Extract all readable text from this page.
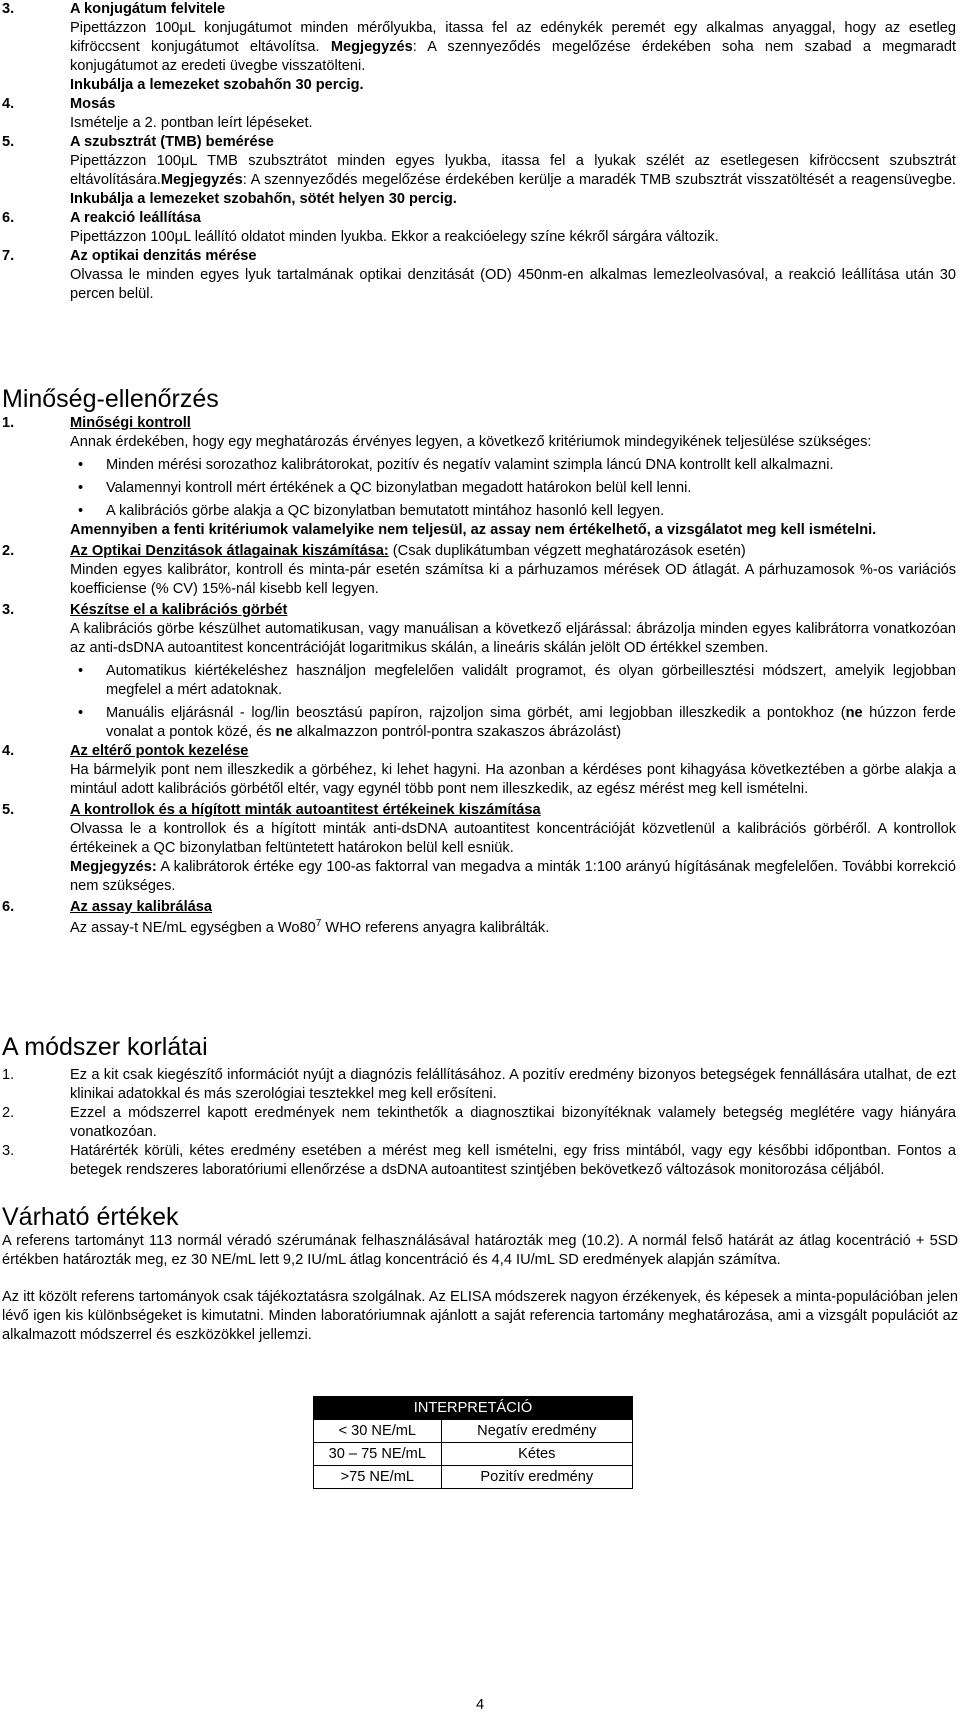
3.	A konjugátum felvitele

Pipettázzon 100μL konjugátumot minden mérőlyukba, itassa fel az edénykék peremét egy alkalmas anyaggal, hogy az esetleg kifröccsent konjugátumot eltávolítsa. Megjegyzés: A szennyeződés megelőzése érdekében soha nem szabad a megmaradt konjugátumot az eredeti üvegbe visszatölteni.

Inkubálja a lemezeket szobahőn 30 percig.

4.	Mosás

Ismételje a 2. pontban leírt lépéseket.

5.	A szubsztrát (TMB) bemérése

Pipettázzon 100μL TMB szubsztrátot minden egyes lyukba, itassa fel a lyukak szélét az esetlegesen kifröccsent szubsztrát eltávolítására.Megjegyzés: A szennyeződés megelőzése érdekében kerülje a maradék TMB szubsztrát visszatöltését a reagensüvegbe. Inkubálja a lemezeket szobahőn, sötét helyen 30 percig.

6.	A reakció leállítása

Pipettázzon 100μL leállító oldatot minden lyukba. Ekkor a reakcióelegy színe kékről sárgára változik.

7.	Az optikai denzitás mérése

Olvassa le minden egyes lyuk tartalmának optikai denzitását (OD) 450nm-en alkalmas lemezleolvasóval, a reakció leállítása után 30 percen belül.

Minőség-ellenőrzés

1.	Minőségi kontroll

Annak érdekében, hogy egy meghatározás érvényes legyen, a következő kritériumok mindegyikének teljesülése szükséges:

• Minden mérési sorozathoz kalibrátorokat, pozitív és negatív valamint szimpla láncú DNA kontrollt kell alkalmazni.
• Valamennyi kontroll mért értékének a QC bizonylatban megadott határokon belül kell lenni.
• A kalibrációs görbe alakja a QC bizonylatban bemutatott mintához hasonló kell legyen.

Amennyiben a fenti kritériumok valamelyike nem teljesül, az assay nem értékelhető, a vizsgálatot meg kell ismételni.

2.	Az Optikai Denzitások átlagainak kiszámítása: (Csak duplikátumban végzett meghatározások esetén)

Minden egyes kalibrátor, kontroll és minta-pár esetén számítsa ki a párhuzamos mérések OD átlagát. A párhuzamosok %-os variációs koefficiense (% CV) 15%-nál kisebb kell legyen.

3.	Készítse el a kalibrációs görbét

A kalibrációs görbe készülhet automatikusan, vagy manuálisan a következő eljárással: ábrázolja minden egyes kalibrátorra vonatkozóan az anti-dsDNA autoantitest koncentrációját logaritmikus skálán, a lineáris skálán jelölt OD értékkel szemben.

• Automatikus kiértékeléshez használjon megfelelően validált programot, és olyan görbeillesztési módszert, amelyik legjobban megfelel a mért adatoknak.
• Manuális eljárásnál - log/lin beosztású papíron, rajzoljon sima görbét, ami legjobban illeszkedik a pontokhoz (ne húzzon ferde vonalat a pontok közé, és ne alkalmazzon pontról-pontra szakaszos ábrázolást)
4.	Az eltérő pontok kezelése

Ha bármelyik pont nem illeszkedik a görbéhez, ki lehet hagyni. Ha azonban a kérdéses pont kihagyása következtében a görbe alakja a mintául adott kalibrációs görbétől eltér, vagy egynél több pont nem illeszkedik, az egész mérést meg kell ismételni.

5.	A kontrollok és a hígított minták autoantitest értékeinek kiszámítása

Olvassa le a kontrollok és a hígított minták anti-dsDNA autoantitest koncentrációját közvetlenül a kalibrációs görbéről. A kontrollok értékeinek a QC bizonylatban feltüntetett határokon belül kell esniük.

Megjegyzés: A kalibrátorok értéke egy 100-as faktorral van megadva a minták 1:100 arányú hígításának megfelelően. További korrekció nem szükséges.

6.	Az assay kalibrálása

Az assay-t NE/mL egységben a $Wo80^7$ WHO referens anyagra kalibrálták.

A módszer korlátai

1.	Ez a kit csak kiegészítő információt nyújt a diagnózis felállításához. A pozitív eredmény bizonyos betegségek fennállására utalhat, de ezt klinikai adatokkal és más szerológiai tesztekkel meg kell erősíteni.
2.	Ezzel a módszerrel kapott eredmények nem tekinthetők a diagnosztikai bizonyítéknak valamely betegség meglétére vagy hiányára vonatkozóan.
3.	Határérték körüli, kétes eredmény esetében a mérést meg kell ismételni, egy friss mintából, vagy egy későbbi időpontban. Fontos a betegek rendszeres laboratóriumi ellenőrzése a dsDNA autoantitest szintjében bekövetkező változások monitorozása céljából.

Várható értékek

A referens tartományt 113 normál véradó szérumának felhasználásával határozták meg (10.2). A normál felső határát az átlag kocentráció + 5SD értékben határozták meg, ez 30 NE/mL lett 9,2 IU/mL átlag koncentráció és 4,4 IU/mL SD eredmények alapján számítva.

Az itt közölt referens tartományok csak tájékoztatásra szolgálnak. Az ELISA módszerek nagyon érzékenyek, és képesek a minta-populációban jelen lévő igen kis különbségeket is kimutatni. Minden laboratóriumnak ajánlott a saját referencia tartomány meghatározása, ami a vizsgált populációt az alkalmazott módszerrel és eszközökkel jellemzi.

INTERPRETÁCIÓ	
< 30 NE/mL	Negatív eredmény
30 – 75 NE/mL	Kétes
>75 NE/mL	Pozitív eredmény
4
